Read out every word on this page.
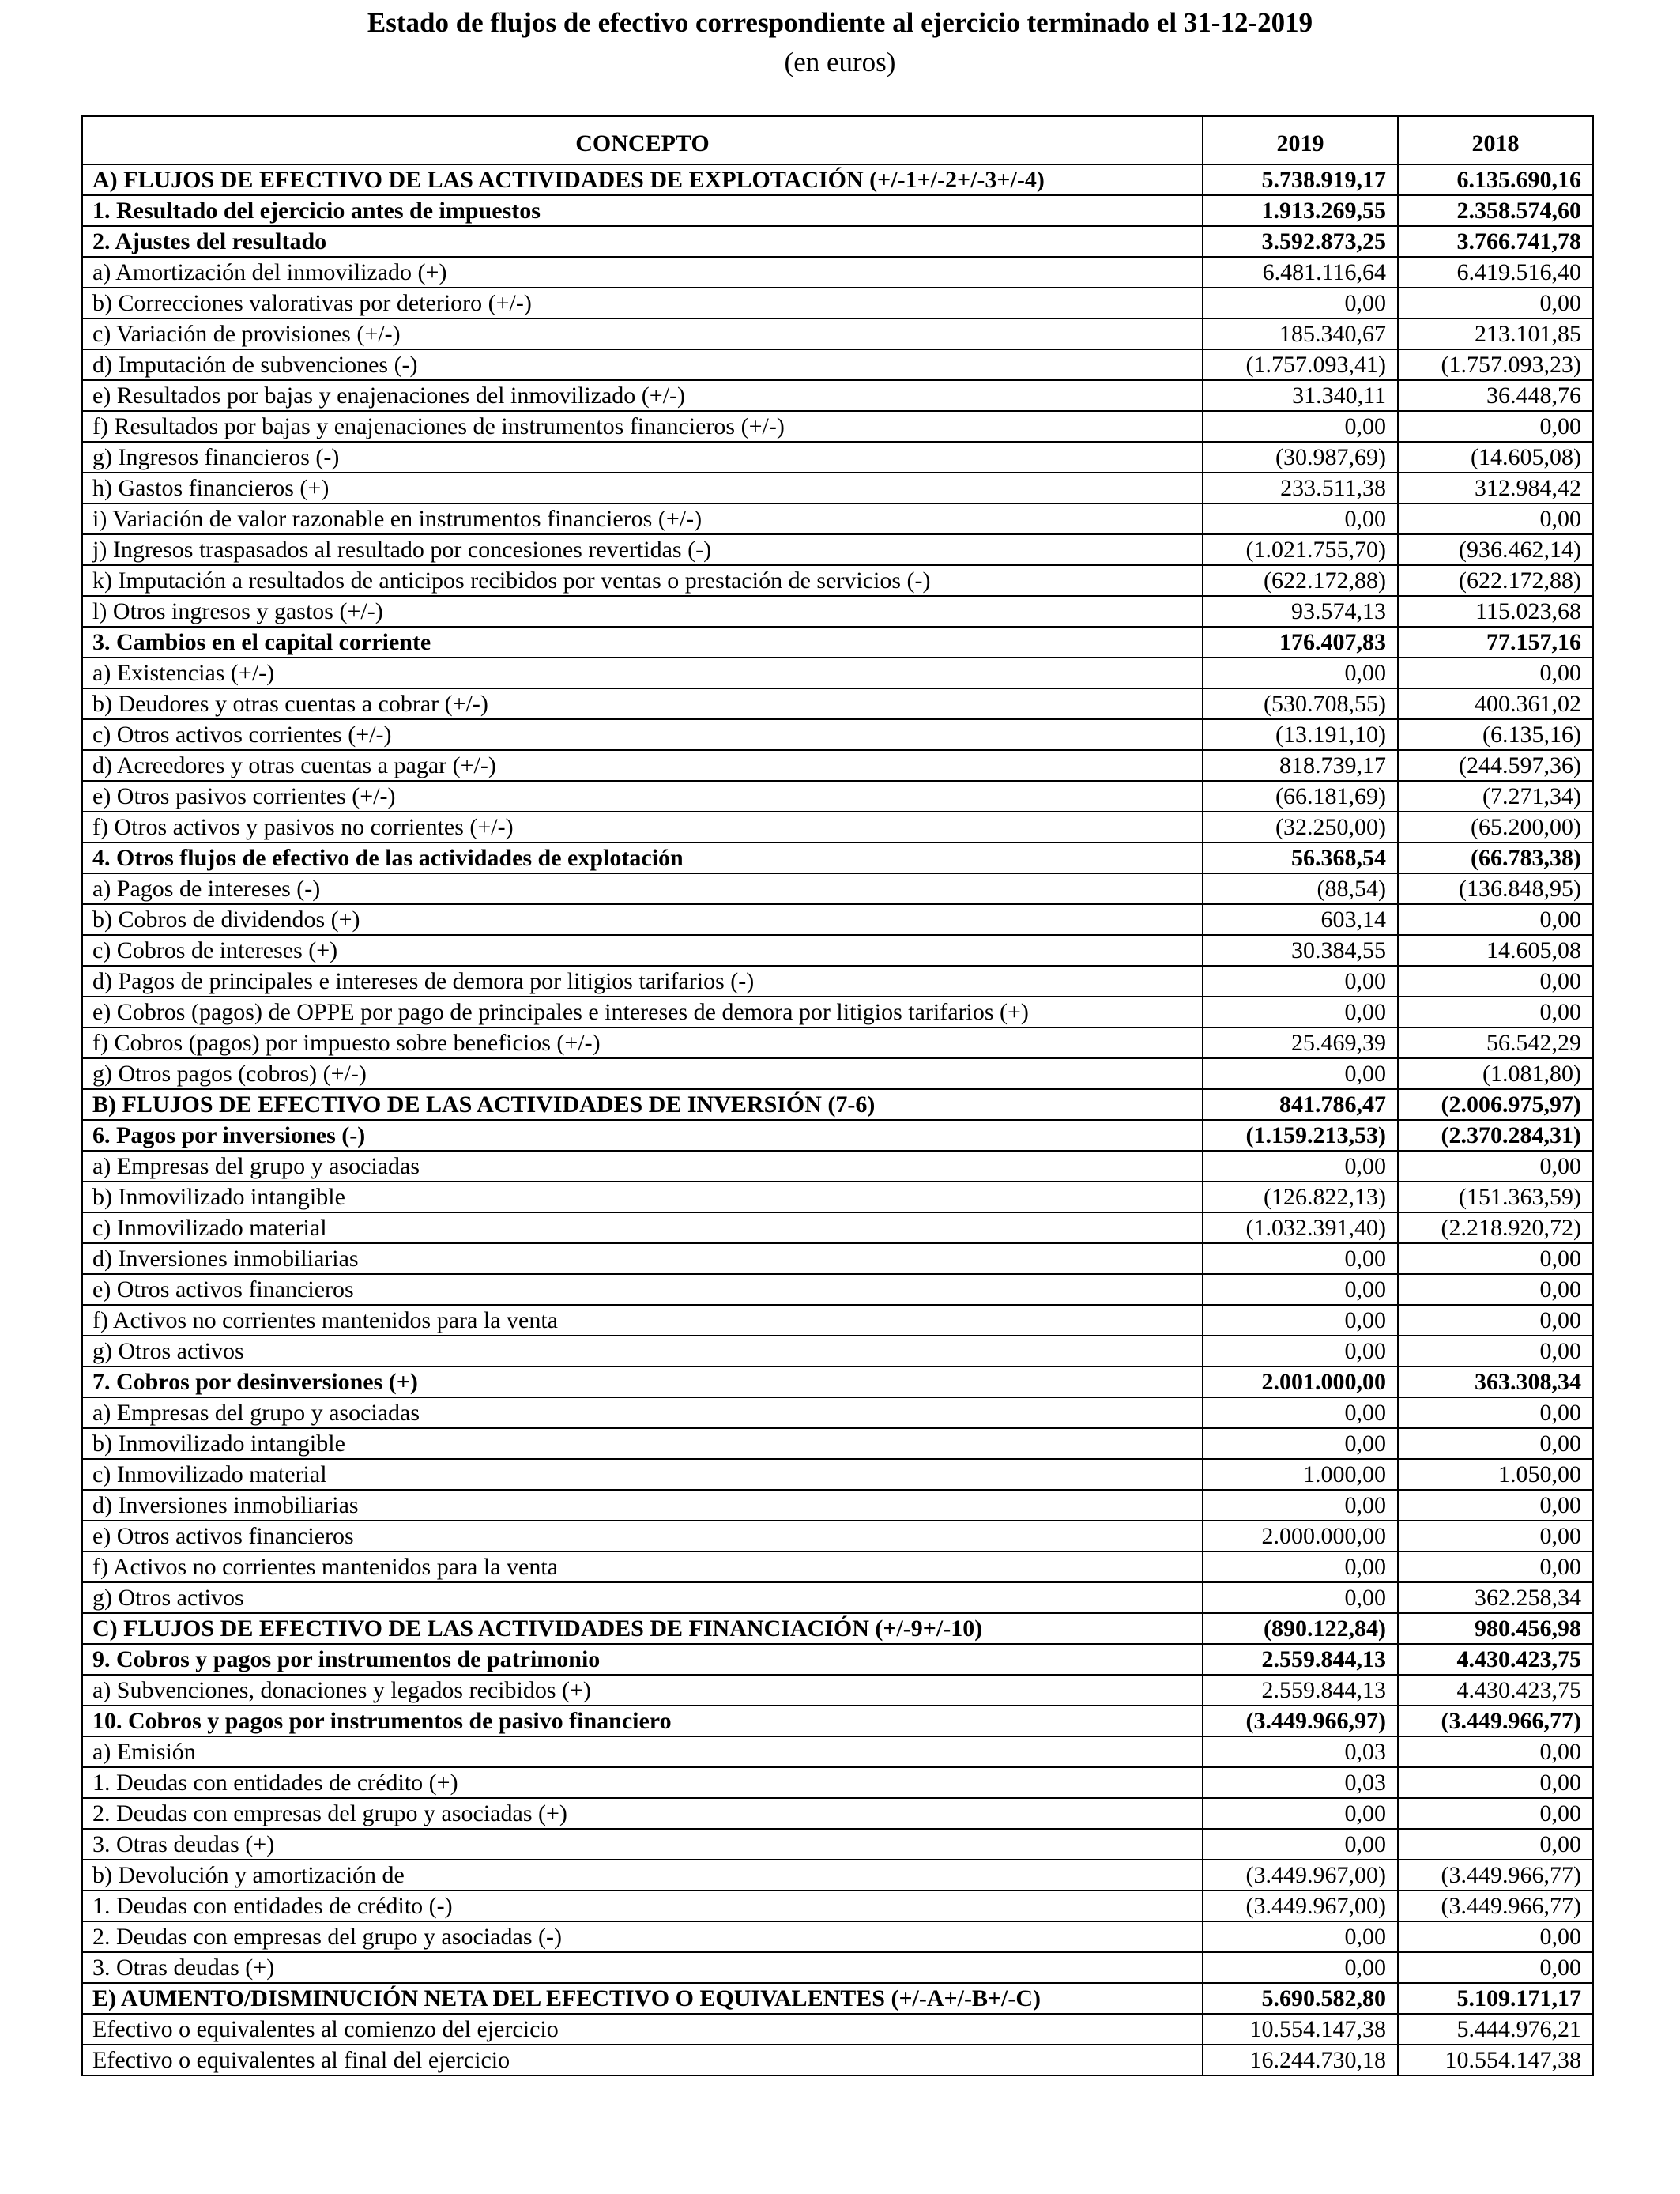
Estado de flujos de efectivo correspondiente al ejercicio terminado el 31-12-2019
(en euros)
CONCEPTO	2019	2018
A) FLUJOS DE EFECTIVO DE LAS ACTIVIDADES DE EXPLOTACIÓN (+/-1+/-2+/-3+/-4)	5.738.919,17	6.135.690,16
1. Resultado del ejercicio antes de impuestos	1.913.269,55	2.358.574,60
2. Ajustes del resultado	3.592.873,25	3.766.741,78
a) Amortización del inmovilizado (+)	6.481.116,64	6.419.516,40
b) Correcciones valorativas por deterioro (+/-)	0,00	0,00
c) Variación de provisiones (+/-)	185.340,67	213.101,85
d) Imputación de subvenciones (-)	(1.757.093,41)	(1.757.093,23)
e) Resultados por bajas y enajenaciones del inmovilizado (+/-)	31.340,11	36.448,76
f) Resultados por bajas y enajenaciones de instrumentos financieros (+/-)	0,00	0,00
g) Ingresos financieros (-)	(30.987,69)	(14.605,08)
h) Gastos financieros (+)	233.511,38	312.984,42
i) Variación de valor razonable en instrumentos financieros (+/-)	0,00	0,00
j) Ingresos traspasados al resultado por concesiones revertidas (-)	(1.021.755,70)	(936.462,14)
k) Imputación a resultados de anticipos recibidos por ventas o prestación de servicios (-)	(622.172,88)	(622.172,88)
l) Otros ingresos y gastos (+/-)	93.574,13	115.023,68
3. Cambios en el capital corriente	176.407,83	77.157,16
a) Existencias (+/-)	0,00	0,00
b) Deudores y otras cuentas a cobrar (+/-)	(530.708,55)	400.361,02
c) Otros activos corrientes (+/-)	(13.191,10)	(6.135,16)
d) Acreedores y otras cuentas a pagar (+/-)	818.739,17	(244.597,36)
e) Otros pasivos corrientes (+/-)	(66.181,69)	(7.271,34)
f) Otros activos y pasivos no corrientes (+/-)	(32.250,00)	(65.200,00)
4. Otros flujos de efectivo de las actividades de explotación	56.368,54	(66.783,38)
a) Pagos de intereses (-)	(88,54)	(136.848,95)
b) Cobros de dividendos (+)	603,14	0,00
c) Cobros de intereses (+)	30.384,55	14.605,08
d) Pagos de principales e intereses de demora por litigios tarifarios (-)	0,00	0,00
e) Cobros (pagos) de OPPE por pago de principales e intereses de demora por litigios tarifarios (+)	0,00	0,00
f) Cobros (pagos) por impuesto sobre beneficios (+/-)	25.469,39	56.542,29
g) Otros pagos (cobros) (+/-)	0,00	(1.081,80)
B) FLUJOS DE EFECTIVO DE LAS ACTIVIDADES DE INVERSIÓN (7-6)	841.786,47	(2.006.975,97)
6. Pagos por inversiones (-)	(1.159.213,53)	(2.370.284,31)
a) Empresas del grupo y asociadas	0,00	0,00
b) Inmovilizado intangible	(126.822,13)	(151.363,59)
c) Inmovilizado material	(1.032.391,40)	(2.218.920,72)
d) Inversiones inmobiliarias	0,00	0,00
e) Otros activos financieros	0,00	0,00
f) Activos no corrientes mantenidos para la venta	0,00	0,00
g) Otros activos	0,00	0,00
7. Cobros por desinversiones (+)	2.001.000,00	363.308,34
a) Empresas del grupo y asociadas	0,00	0,00
b) Inmovilizado intangible	0,00	0,00
c) Inmovilizado material	1.000,00	1.050,00
d) Inversiones inmobiliarias	0,00	0,00
e) Otros activos financieros	2.000.000,00	0,00
f) Activos no corrientes mantenidos para la venta	0,00	0,00
g) Otros activos	0,00	362.258,34
C) FLUJOS DE EFECTIVO DE LAS ACTIVIDADES DE FINANCIACIÓN (+/-9+/-10)	(890.122,84)	980.456,98
9. Cobros y pagos por instrumentos de patrimonio	2.559.844,13	4.430.423,75
a) Subvenciones, donaciones y legados recibidos (+)	2.559.844,13	4.430.423,75
10. Cobros y pagos por instrumentos de pasivo financiero	(3.449.966,97)	(3.449.966,77)
a) Emisión	0,03	0,00
1. Deudas con entidades de crédito (+)	0,03	0,00
2. Deudas con empresas del grupo y asociadas (+)	0,00	0,00
3. Otras deudas (+)	0,00	0,00
b) Devolución y amortización de	(3.449.967,00)	(3.449.966,77)
1. Deudas con entidades de crédito (-)	(3.449.967,00)	(3.449.966,77)
2. Deudas con empresas del grupo y asociadas (-)	0,00	0,00
3. Otras deudas (+)	0,00	0,00
E) AUMENTO/DISMINUCIÓN NETA DEL EFECTIVO O EQUIVALENTES (+/-A+/-B+/-C)	5.690.582,80	5.109.171,17
Efectivo o equivalentes al comienzo del ejercicio	10.554.147,38	5.444.976,21
Efectivo o equivalentes al final del ejercicio	16.244.730,18	10.554.147,38
